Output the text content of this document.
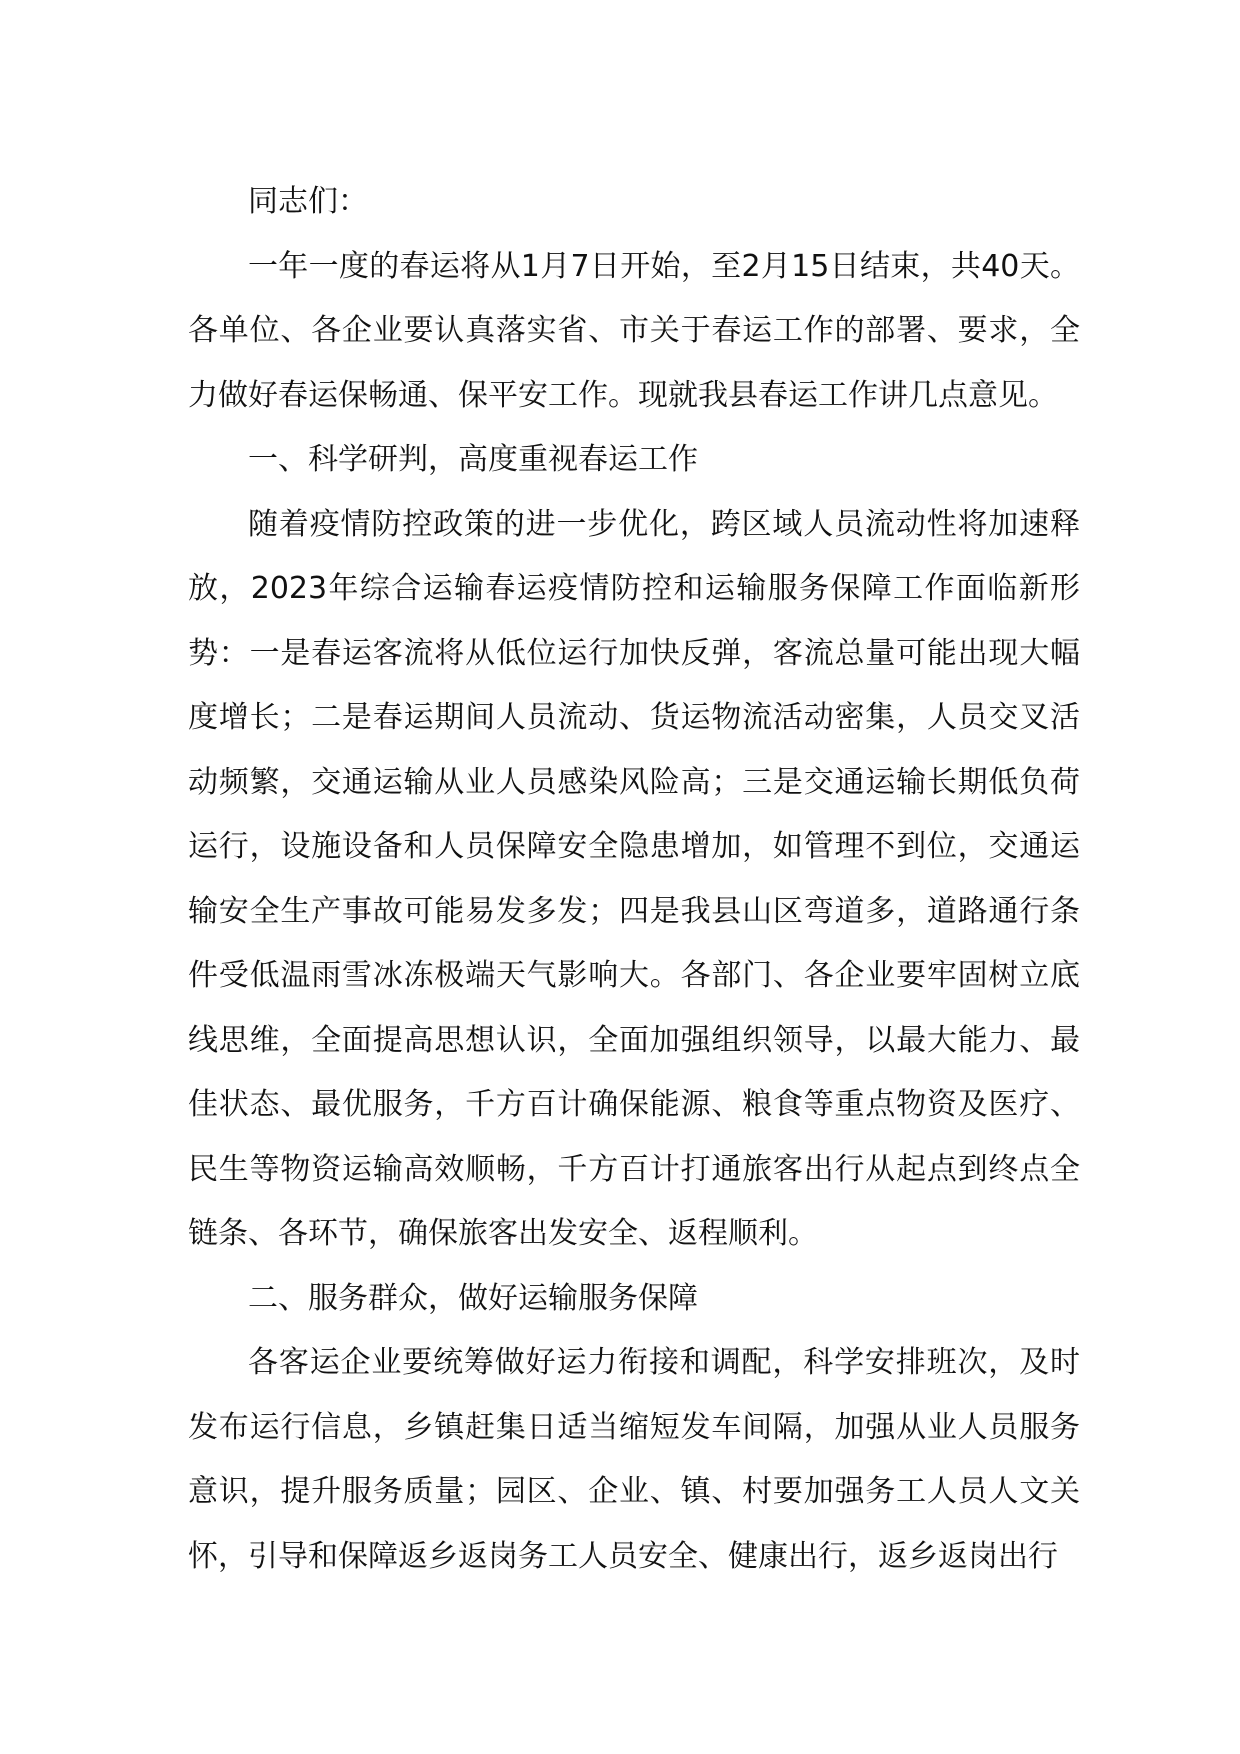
同志们：

一年一度的春运将从1月7日开始，至2月15日结束，共40天。各单位、各企业要认真落实省、市关于春运工作的部署、要求，全力做好春运保畅通、保平安工作。现就我县春运工作讲几点意见。

一、科学研判，高度重视春运工作

随着疫情防控政策的进一步优化，跨区域人员流动性将加速释放，2023年综合运输春运疫情防控和运输服务保障工作面临新形势：一是春运客流将从低位运行加快反弹，客流总量可能出现大幅度增长；二是春运期间人员流动、货运物流活动密集，人员交叉活动频繁，交通运输从业人员感染风险高；三是交通运输长期低负荷运行，设施设备和人员保障安全隐患增加，如管理不到位，交通运输安全生产事故可能易发多发；四是我县山区弯道多，道路通行条件受低温雨雪冰冻极端天气影响大。各部门、各企业要牢固树立底线思维，全面提高思想认识，全面加强组织领导，以最大能力、最佳状态、最优服务，千方百计确保能源、粮食等重点物资及医疗、民生等物资运输高效顺畅，千方百计打通旅客出行从起点到终点全链条、各环节，确保旅客出发安全、返程顺利。

二、服务群众，做好运输服务保障

各客运企业要统筹做好运力衔接和调配，科学安排班次，及时发布运行信息，乡镇赶集日适当缩短发车间隔，加强从业人员服务意识，提升服务质量；园区、企业、镇、村要加强务工人员人文关怀，引导和保障返乡返岗务工人员安全、健康出行，返乡返岗出行
